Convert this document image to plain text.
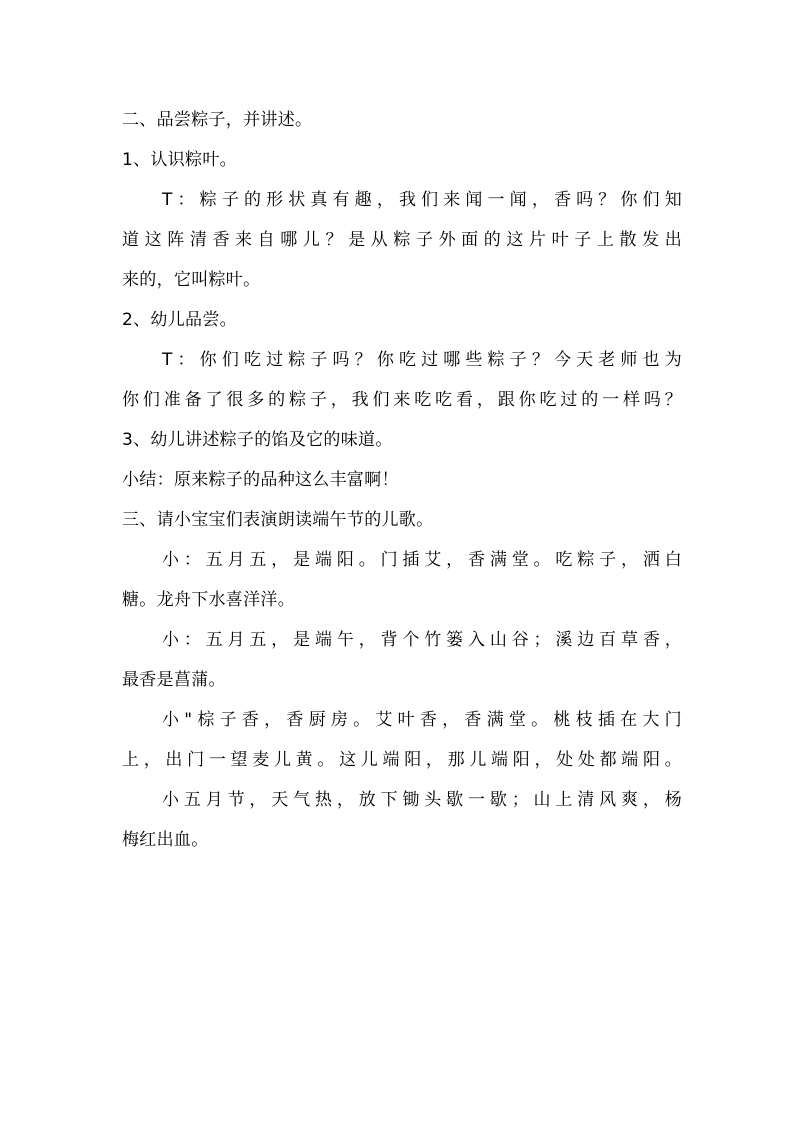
二、品尝粽子，并讲述。
1、认识粽叶。
T：粽子的形状真有趣，我们来闻一闻，香吗？你们知
道这阵清香来自哪儿？是从粽子外面的这片叶子上散发出
来的，它叫粽叶。
2、幼儿品尝。
T：你们吃过粽子吗？你吃过哪些粽子？今天老师也为
你们准备了很多的粽子，我们来吃吃看，跟你吃过的一样吗？
3、幼儿讲述粽子的馅及它的味道。
小结：原来粽子的品种这么丰富啊！
三、请小宝宝们表演朗读端午节的儿歌。
小：五月五，是端阳。门插艾，香满堂。吃粽子，洒白
糖。龙舟下水喜洋洋。
小：五月五，是端午，背个竹篓入山谷；溪边百草香，
最香是菖蒲。
小"棕子香，香厨房。艾叶香，香满堂。桃枝插在大门
上，出门一望麦儿黄。这儿端阳，那儿端阳，处处都端阳。
小五月节，天气热，放下锄头歇一歇；山上清风爽，杨
梅红出血。
